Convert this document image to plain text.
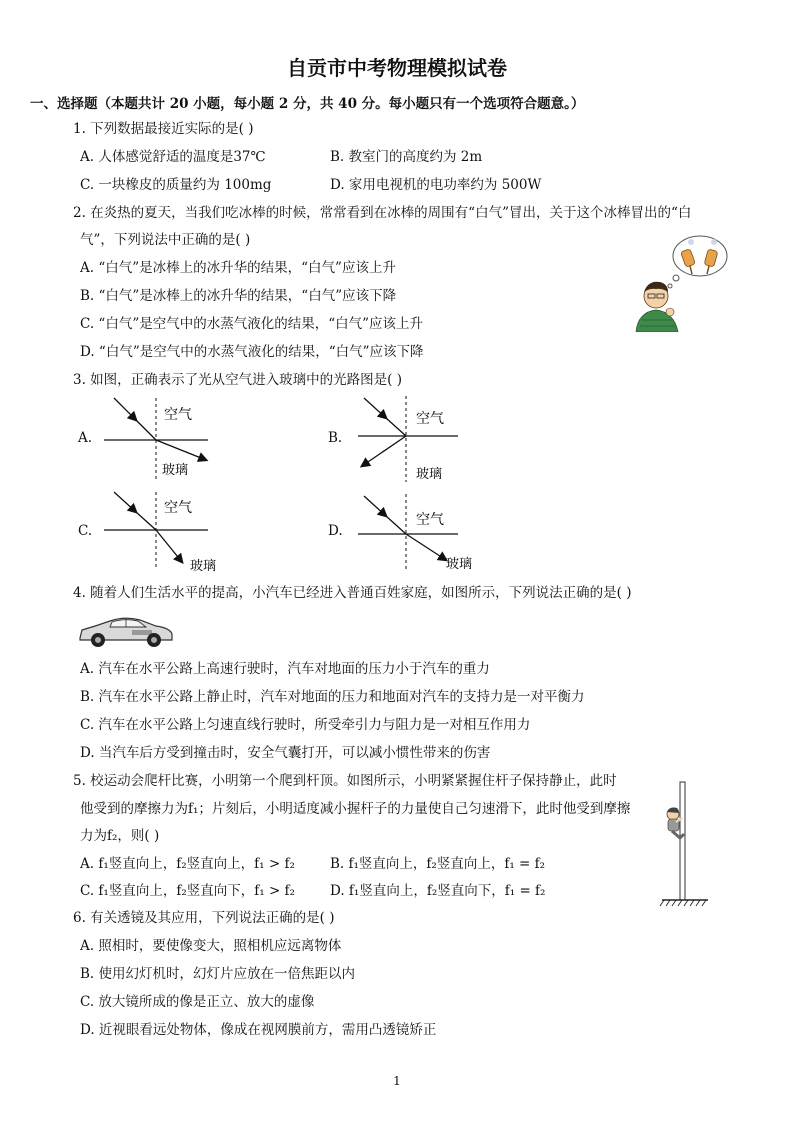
自贡市中考物理模拟试卷
一、选择题（本题共计 20 小题，每小题 2 分，共 40 分。每小题只有一个选项符合题意。）
1. 下列数据最接近实际的是( )
A. 人体感觉舒适的温度是37℃	B. 教室门的高度约为 2m
C. 一块橡皮的质量约为 100mg	D. 家用电视机的电功率约为 500W
2. 在炎热的夏天，当我们吃冰棒的时候，常常看到在冰棒的周围有“白气”冒出，关于这个冰棒冒出的“白
气”，下列说法中正确的是( )
A. “白气”是冰棒上的冰升华的结果，“白气”应该上升
B. “白气”是冰棒上的冰升华的结果，“白气”应该下降
C. “白气”是空气中的水蒸气液化的结果，“白气”应该上升
D. “白气”是空气中的水蒸气液化的结果，“白气”应该下降
3. 如图，正确表示了光从空气进入玻璃中的光路图是( )
A.
空气
玻璃
B.
空气
玻璃
C.
空气
玻璃
D.
空气
玻璃
4. 随着人们生活水平的提高，小汽车已经进入普通百姓家庭，如图所示，下列说法正确的是( )
A. 汽车在水平公路上高速行驶时，汽车对地面的压力小于汽车的重力
B. 汽车在水平公路上静止时，汽车对地面的压力和地面对汽车的支持力是一对平衡力
C. 汽车在水平公路上匀速直线行驶时，所受牵引力与阻力是一对相互作用力
D. 当汽车后方受到撞击时，安全气囊打开，可以减小惯性带来的伤害
5. 校运动会爬杆比赛，小明第一个爬到杆顶。如图所示，小明紧紧握住杆子保持静止，此时
他受到的摩擦力为f₁；片刻后，小明适度减小握杆子的力量使自己匀速滑下，此时他受到摩擦
力为f₂，则( )
A. f₁竖直向上，f₂竖直向上，f₁ > f₂	B. f₁竖直向上，f₂竖直向上，f₁ = f₂
C. f₁竖直向上，f₂竖直向下，f₁ > f₂	D. f₁竖直向上，f₂竖直向下，f₁ = f₂
6. 有关透镜及其应用，下列说法正确的是( )
A. 照相时，要使像变大，照相机应远离物体
B. 使用幻灯机时，幻灯片应放在一倍焦距以内
C. 放大镜所成的像是正立、放大的虚像
D. 近视眼看远处物体，像成在视网膜前方，需用凸透镜矫正
1
